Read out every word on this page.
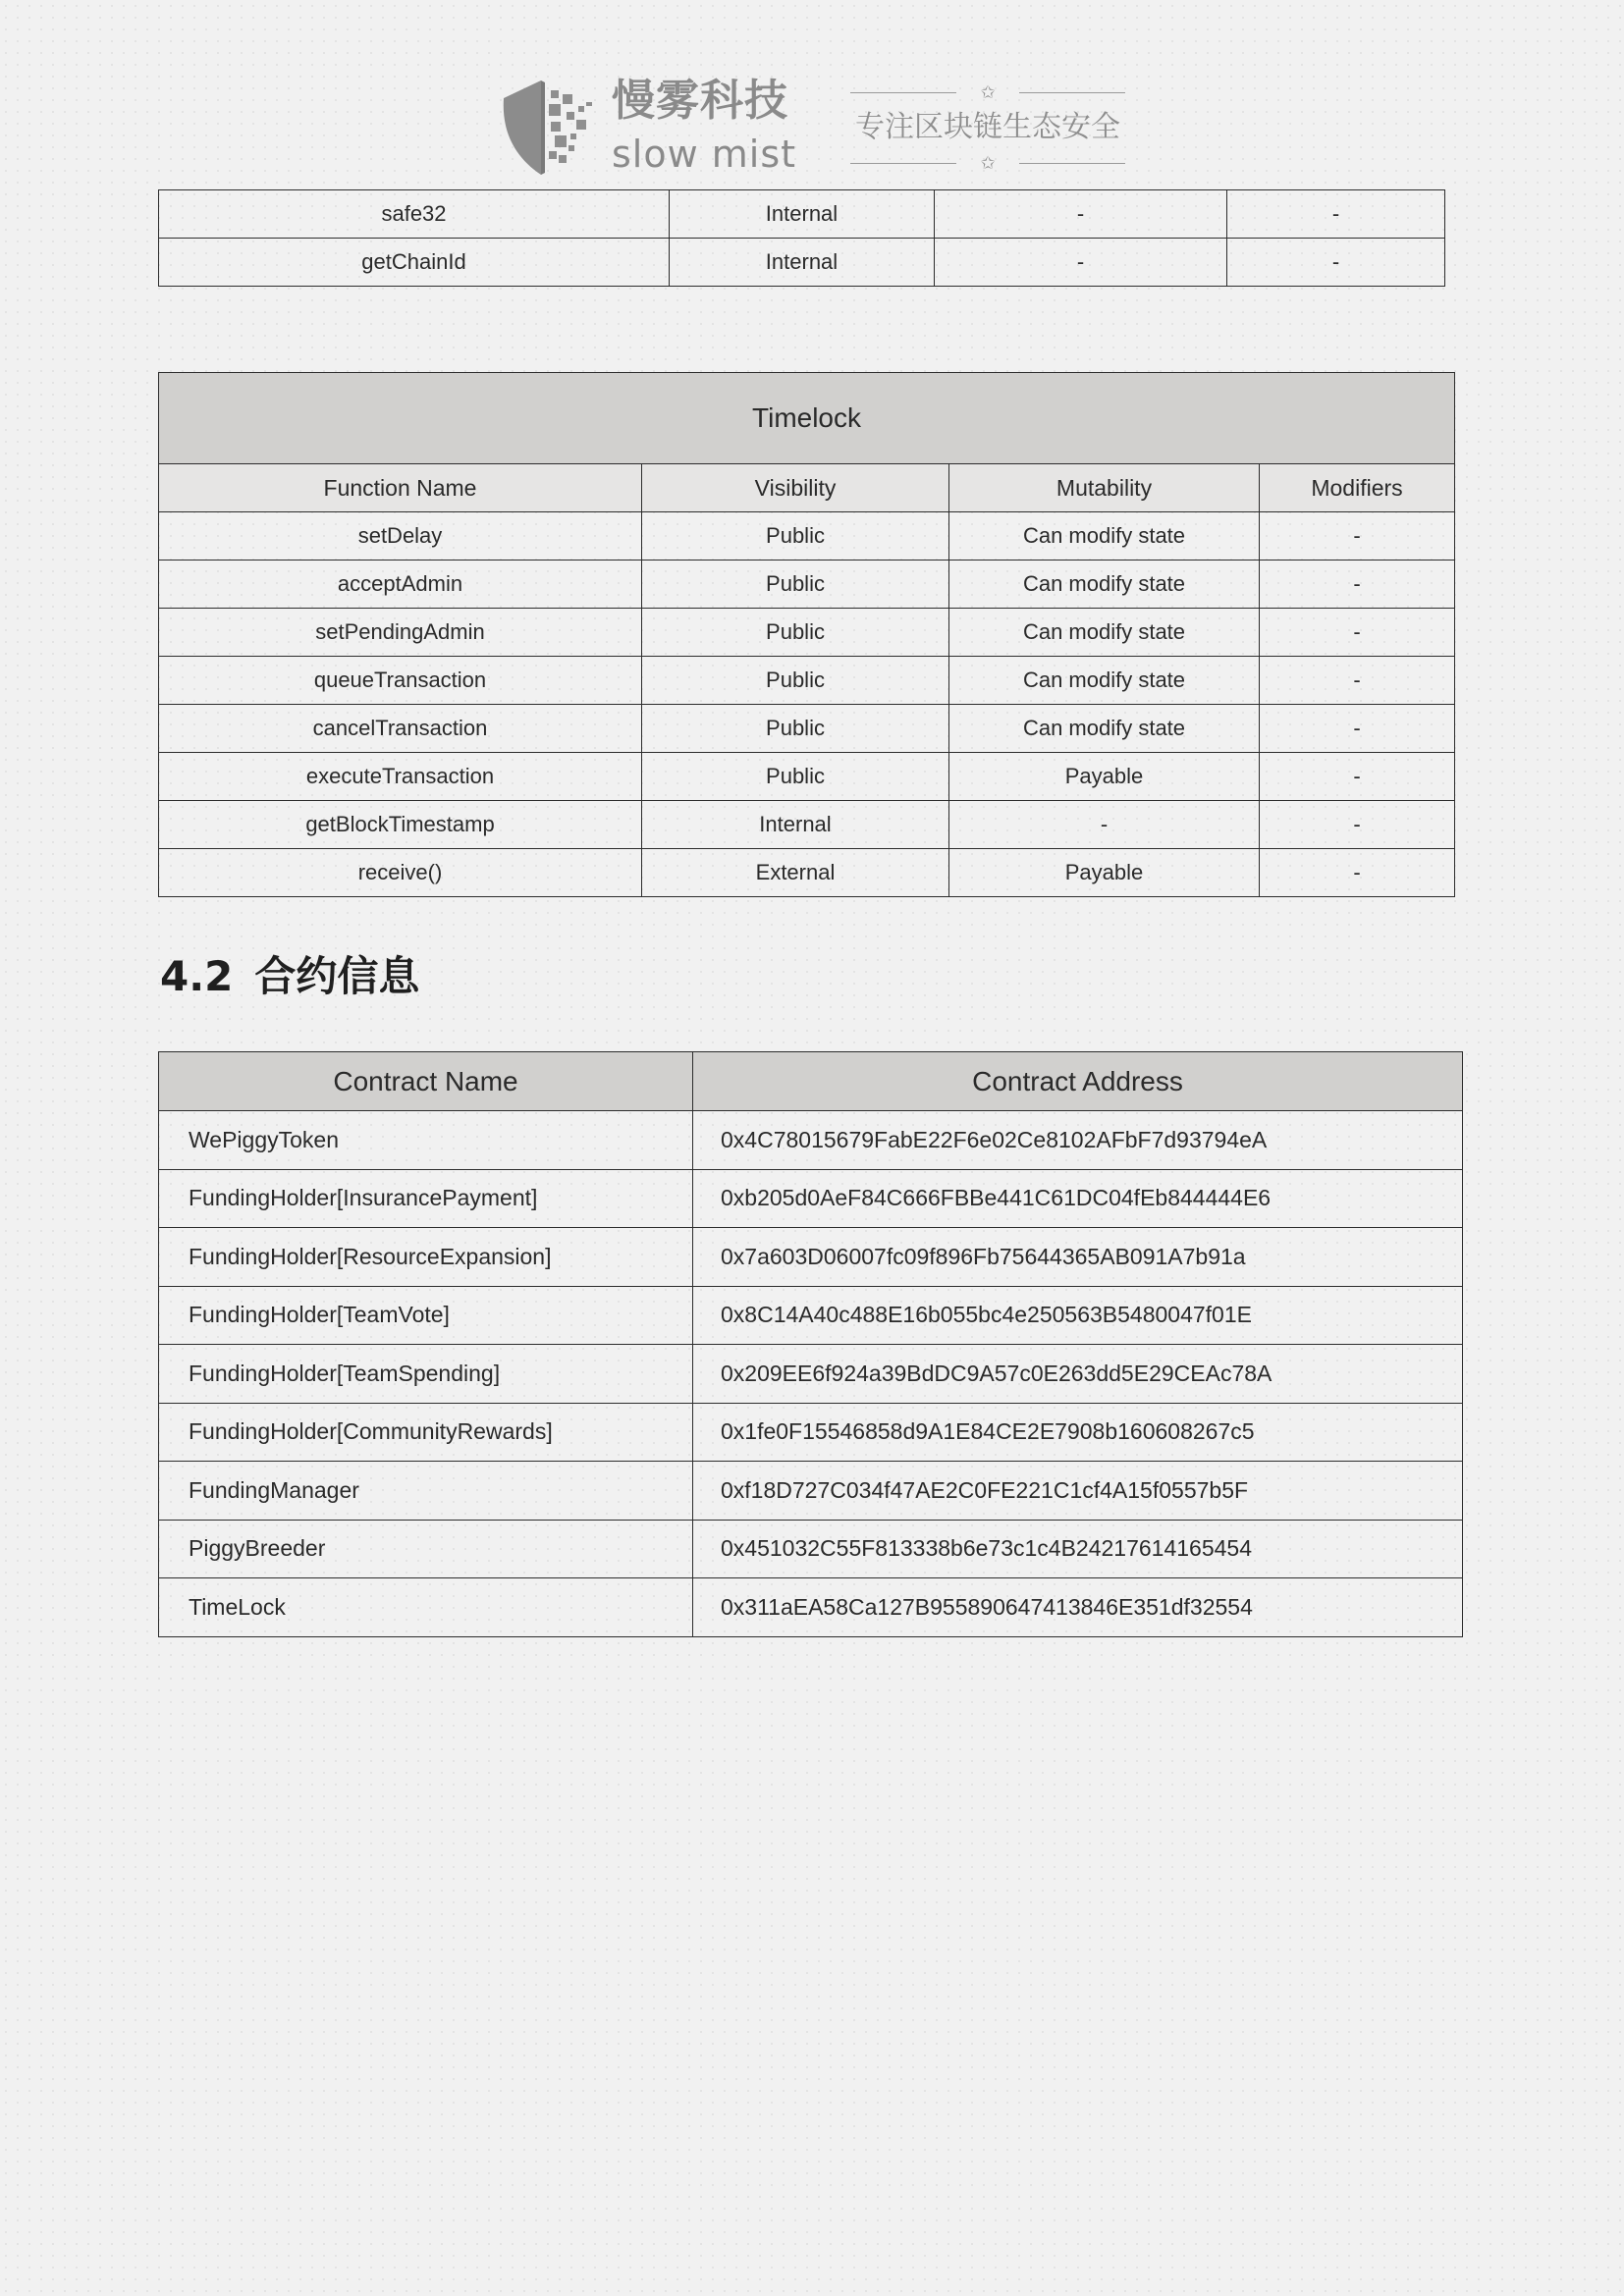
慢雾科技
slow mist
✩
专注区块链生态安全
✩
safe32	Internal	-	-
getChainId	Internal	-	-
Timelock			
Function Name	Visibility	Mutability	Modifiers
setDelay	Public	Can modify state	-
acceptAdmin	Public	Can modify state	-
setPendingAdmin	Public	Can modify state	-
queueTransaction	Public	Can modify state	-
cancelTransaction	Public	Can modify state	-
executeTransaction	Public	Payable	-
getBlockTimestamp	Internal	-	-
receive()	External	Payable	-
4.2 合约信息
Contract Name	Contract Address
WePiggyToken	0x4C78015679FabE22F6e02Ce8102AFbF7d93794eA
FundingHolder[InsurancePayment]	0xb205d0AeF84C666FBBe441C61DC04fEb844444E6
FundingHolder[ResourceExpansion]	0x7a603D06007fc09f896Fb75644365AB091A7b91a
FundingHolder[TeamVote]	0x8C14A40c488E16b055bc4e250563B5480047f01E
FundingHolder[TeamSpending]	0x209EE6f924a39BdDC9A57c0E263dd5E29CEAc78A
FundingHolder[CommunityRewards]	0x1fe0F15546858d9A1E84CE2E7908b160608267c5
FundingManager	0xf18D727C034f47AE2C0FE221C1cf4A15f0557b5F
PiggyBreeder	0x451032C55F813338b6e73c1c4B24217614165454
TimeLock	0x311aEA58Ca127B955890647413846E351df32554
